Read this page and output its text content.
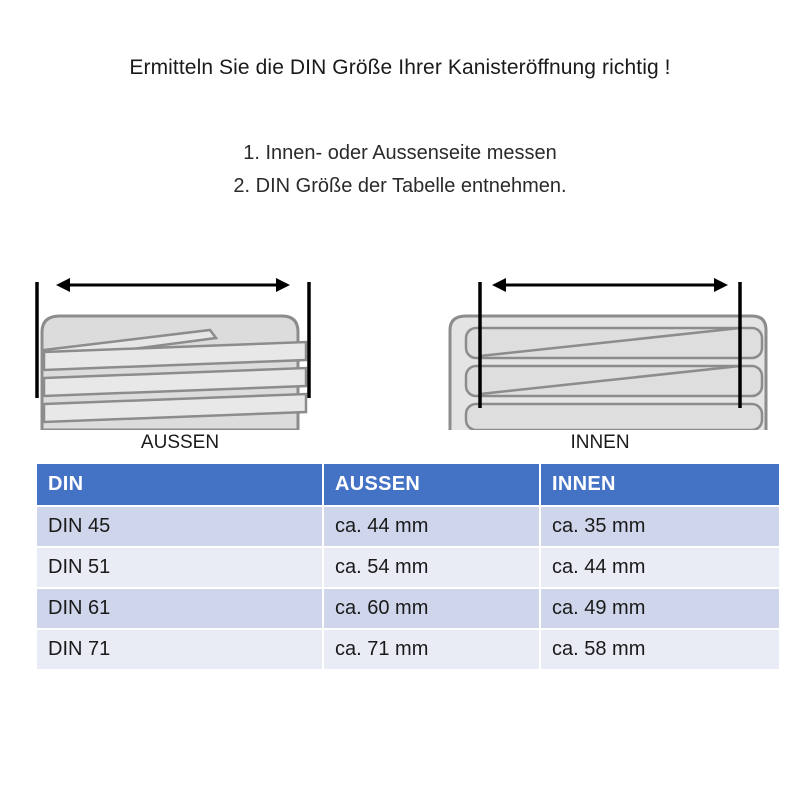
Ermitteln Sie die DIN Größe Ihrer Kanisteröffnung richtig !
1. Innen- oder Aussenseite messen
2. DIN Größe der Tabelle entnehmen.
AUSSEN	INNEN
DIN	AUSSEN	INNEN
DIN 45	ca. 44 mm	ca. 35 mm
DIN 51	ca. 54 mm	ca. 44 mm
DIN 61	ca. 60 mm	ca. 49 mm
DIN 71	ca. 71 mm	ca. 58 mm
